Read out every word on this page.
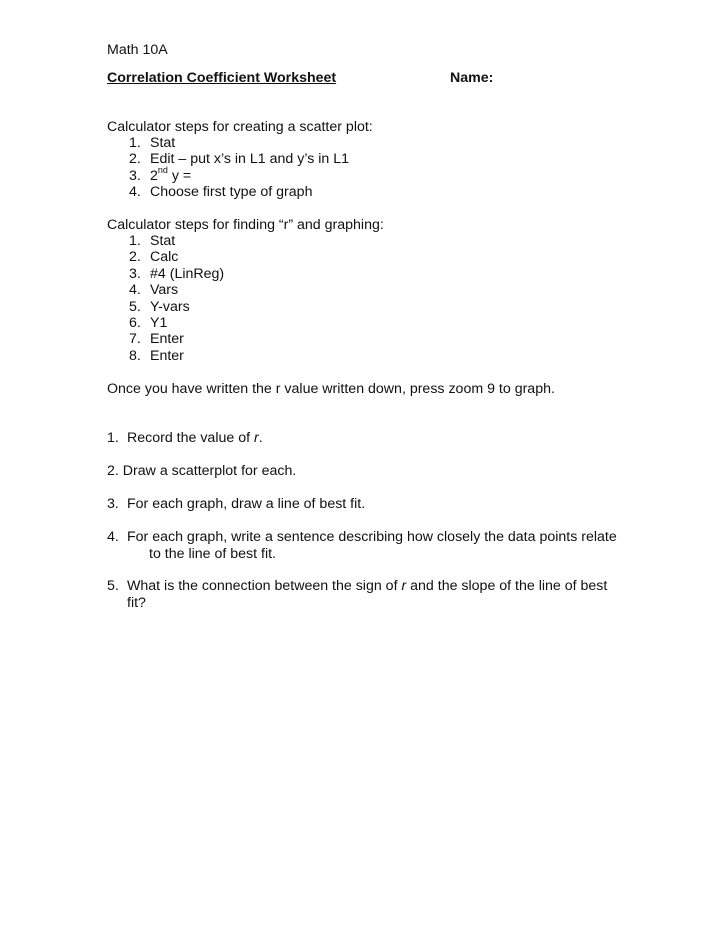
Math 10A
Correlation Coefficient Worksheet	Name:
Calculator steps for creating a scatter plot:
1. Stat
2. Edit – put x’s in L1 and y’s in L1
3. 2nd y =
4. Choose first type of graph
Calculator steps for finding “r” and graphing:
1. Stat
2. Calc
3. #4 (LinReg)
4. Vars
5. Y-vars
6. Y1
7. Enter
8. Enter
Once you have written the r value written down, press zoom 9 to graph.
1. Record the value of r.
2. Draw a scatterplot for each.
3. For each graph, draw a line of best fit.
4. For each graph, write a sentence describing how closely the data points relate
to the line of best fit.
5. What is the connection between the sign of r and the slope of the line of best
fit?
